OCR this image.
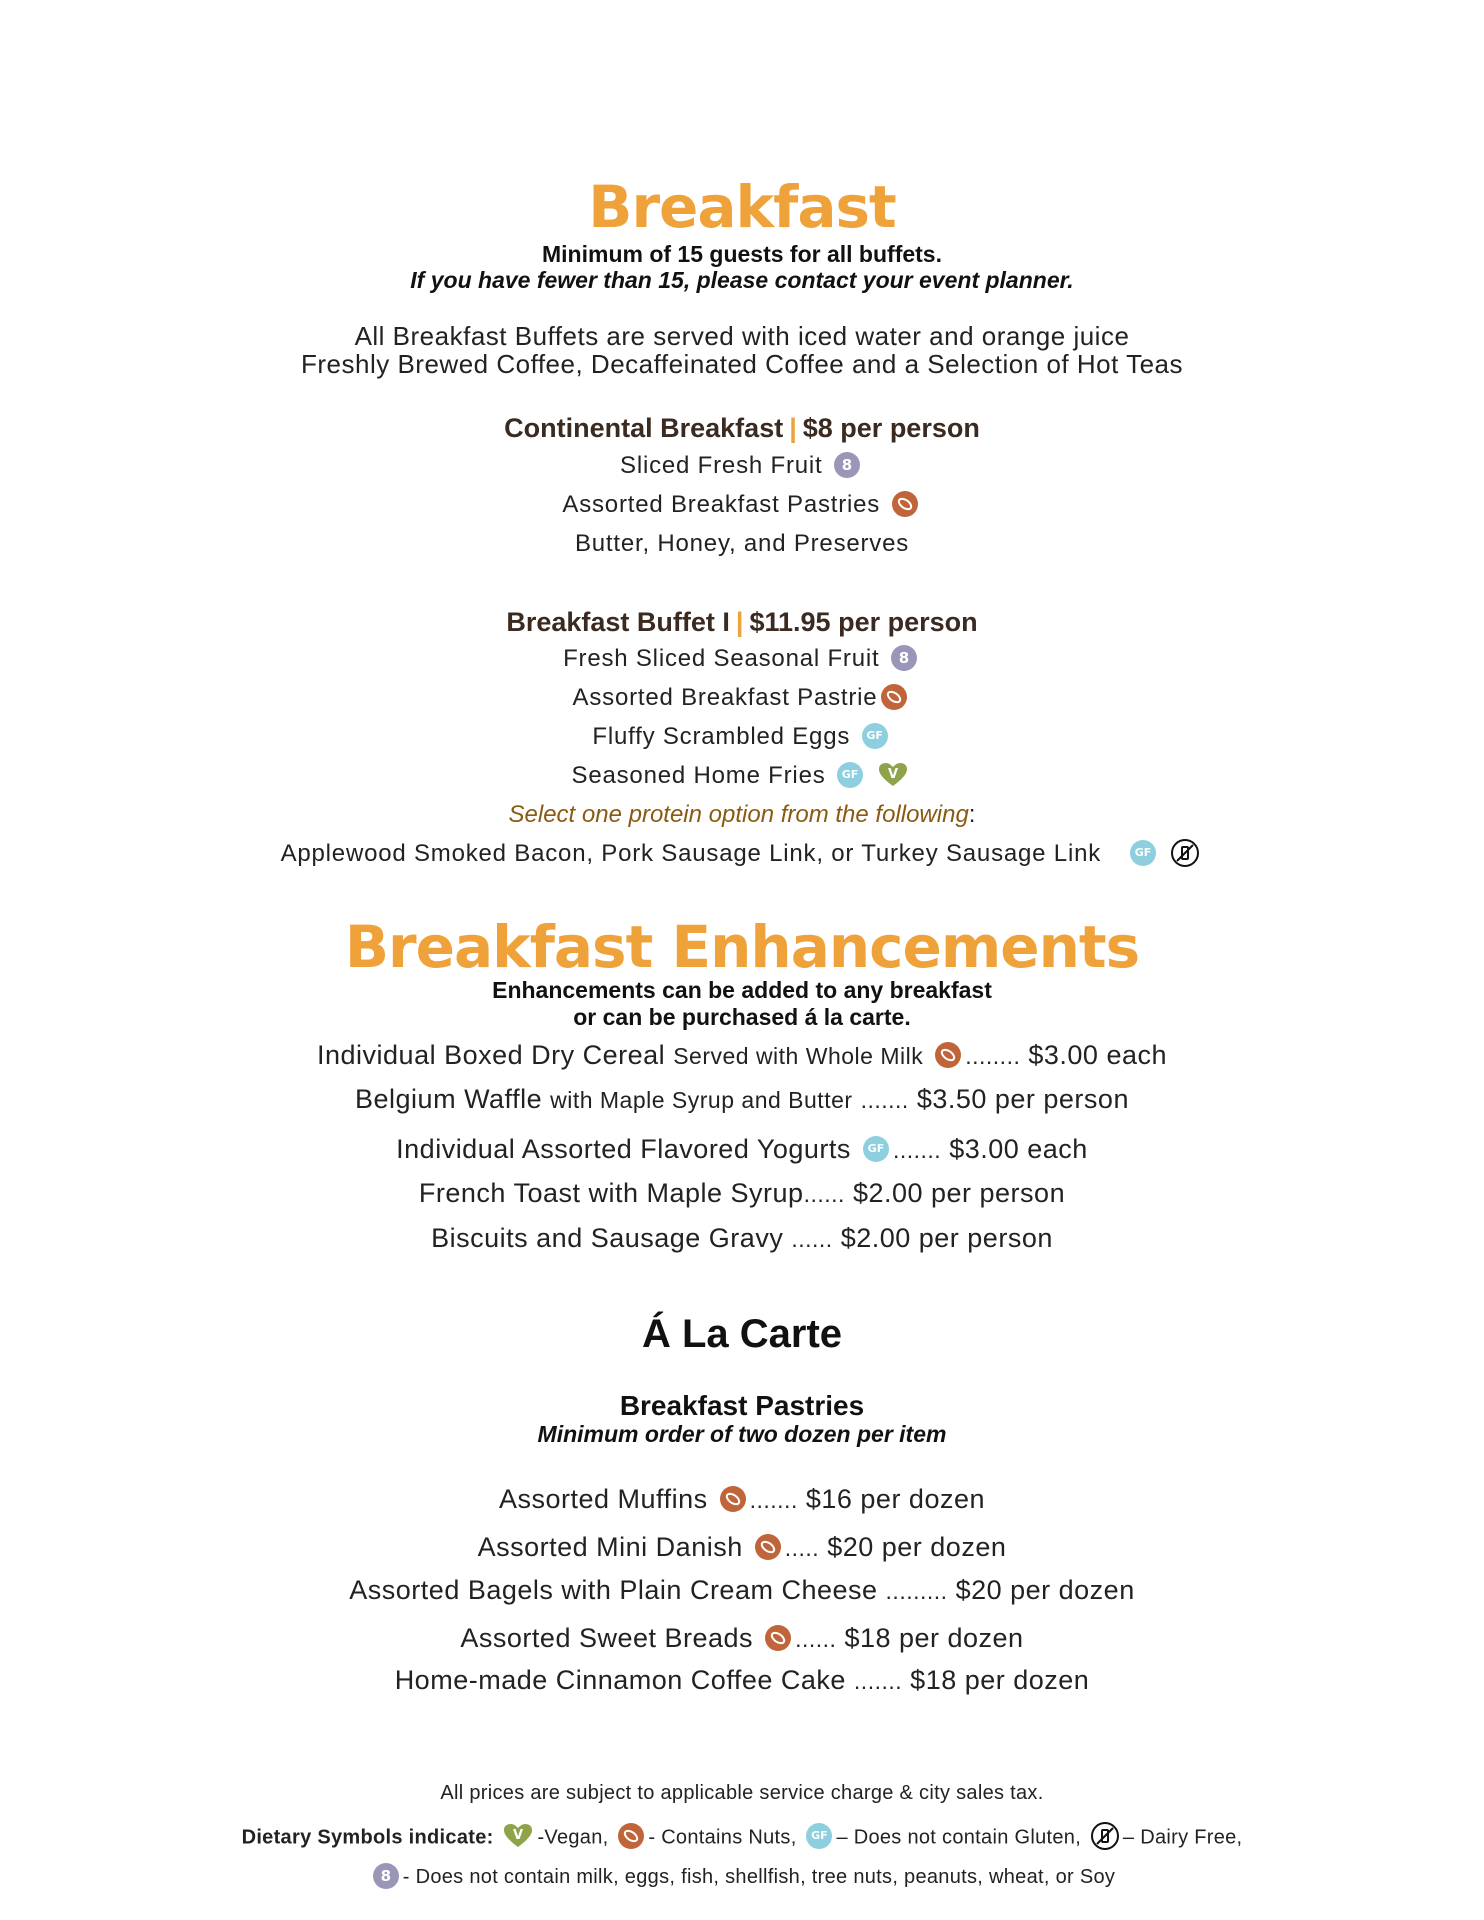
Breakfast
Minimum of 15 guests for all buffets.
If you have fewer than 15, please contact your event planner.
All Breakfast Buffets are served with iced water and orange juice
Freshly Brewed Coffee, Decaffeinated Coffee and a Selection of Hot Teas
Continental Breakfast | $8 per person
Sliced Fresh Fruit 8
Assorted Breakfast Pastries
Butter, Honey, and Preserves
Breakfast Buffet I | $11.95 per person
Fresh Sliced Seasonal Fruit 8
Assorted Breakfast Pastrie
Fluffy Scrambled Eggs GF
Seasoned Home Fries GF V
Select one protein option from the following:
Applewood Smoked Bacon, Pork Sausage Link, or Turkey Sausage Link	GF
Breakfast Enhancements
Enhancements can be added to any breakfast
or can be purchased á la carte.
Individual Boxed Dry Cereal Served with Whole Milk ........ $3.00 each
Belgium Waffle with Maple Syrup and Butter ....... $3.50 per person
Individual Assorted Flavored Yogurts GF ....... $3.00 each
French Toast with Maple Syrup...... $2.00 per person
Biscuits and Sausage Gravy ...... $2.00 per person
Á La Carte
Breakfast Pastries
Minimum order of two dozen per item
Assorted Muffins ....... $16 per dozen
Assorted Mini Danish ..... $20 per dozen
Assorted Bagels with Plain Cream Cheese ......... $20 per dozen
Assorted Sweet Breads ...... $18 per dozen
Home-made Cinnamon Coffee Cake ....... $18 per dozen
All prices are subject to applicable service charge & city sales tax.
Dietary Symbols indicate: V -Vegan, - Contains Nuts, GF – Does not contain Gluten, – Dairy Free,
8 - Does not contain milk, eggs, fish, shellfish, tree nuts, peanuts, wheat, or Soy
